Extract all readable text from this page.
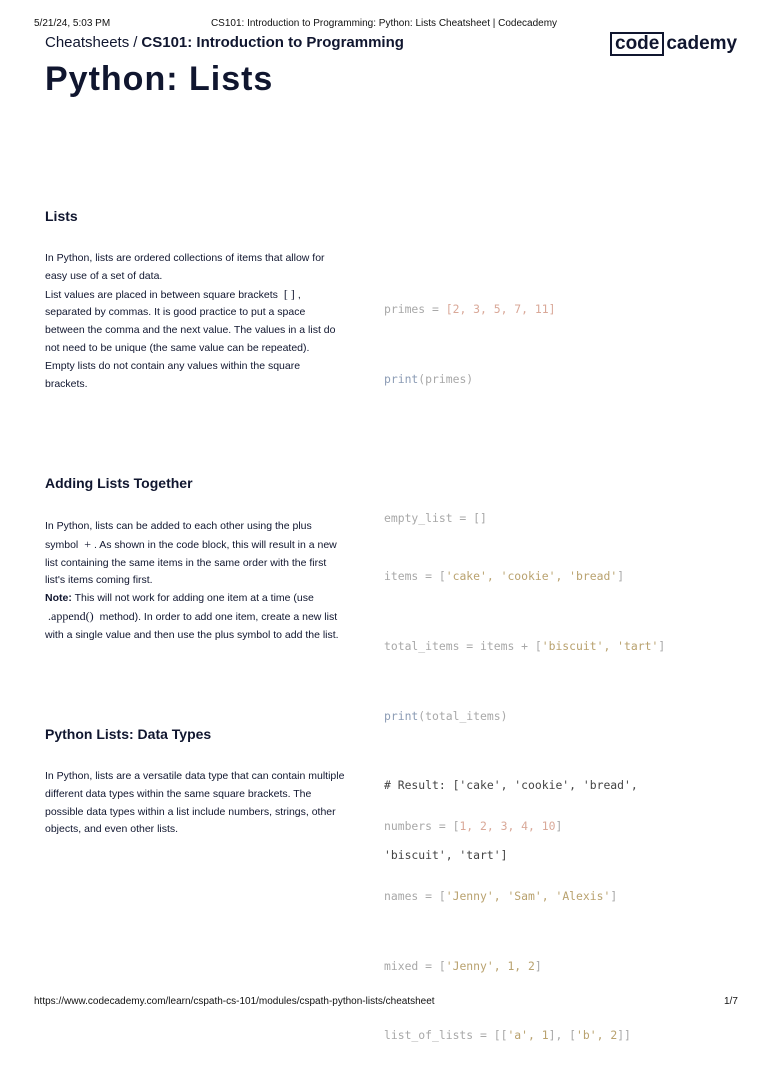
5/21/24, 5:03 PM	CS101: Introduction to Programming: Python: Lists Cheatsheet | Codecademy
Cheatsheets / CS101: Introduction to Programming	code cademy
Python: Lists
Lists

In Python, lists are ordered collections of items that allow for easy use of a set of data.

List values are placed in between square brackets [ ] , separated by commas. It is good practice to put a space between the comma and the next value. The values in a list do not need to be unique (the same value can be repeated).

Empty lists do not contain any values within the square brackets.

primes = [2, 3, 5, 7, 11]

print(primes)

empty_list = []

Adding Lists Together

In Python, lists can be added to each other using the plus symbol + . As shown in the code block, this will result in a new list containing the same items in the same order with the first list's items coming first.

Note: This will not work for adding one item at a time (use .append() method). In order to add one item, create a new list with a single value and then use the plus symbol to add the list.

items = ['cake', 'cookie', 'bread']

total_items = items + ['biscuit', 'tart']

print(total_items)

# Result: ['cake', 'cookie', 'bread',

'biscuit', 'tart']

Python Lists: Data Types

In Python, lists are a versatile data type that can contain multiple different data types within the same square brackets. The possible data types within a list include numbers, strings, other objects, and even other lists.

	numbers = [1, 2, 3, 4, 10]

names = ['Jenny', 'Sam', 'Alexis']

mixed = ['Jenny', 1, 2]

list_of_lists = [['a', 1], ['b', 2]]

https://www.codecademy.com/learn/cspath-cs-101/modules/cspath-python-lists/cheatsheet	1/7
